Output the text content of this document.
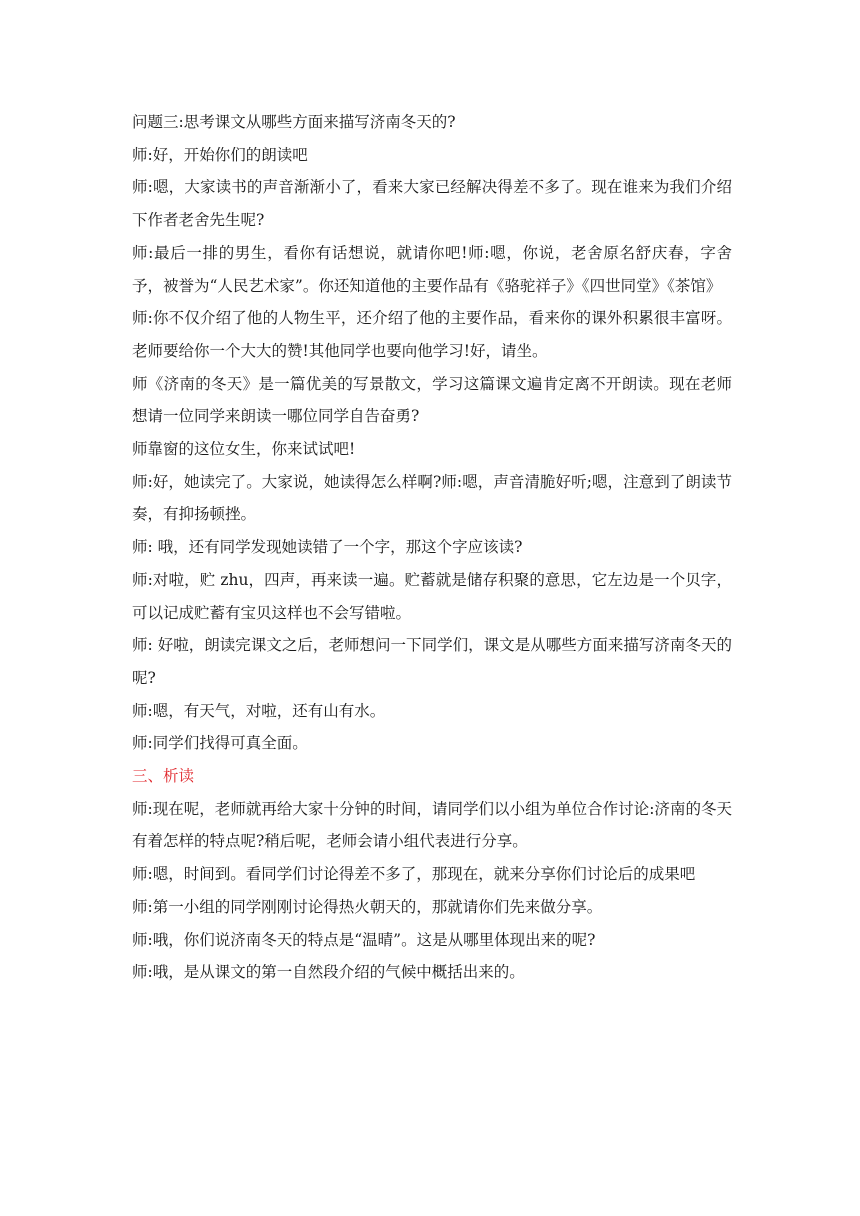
问题三:思考课文从哪些方面来描写济南冬天的?

师:好，开始你们的朗读吧

师:嗯，大家读书的声音渐渐小了，看来大家已经解决得差不多了。现在谁来为我们介绍下作者老舍先生呢?

师:最后一排的男生，看你有话想说，就请你吧!师:嗯，你说，老舍原名舒庆春，字舍予，被誉为“人民艺术家”。你还知道他的主要作品有《骆驼祥子》《四世同堂》《茶馆》

师:你不仅介绍了他的人物生平，还介绍了他的主要作品，看来你的课外积累很丰富呀。老师要给你一个大大的赞!其他同学也要向他学习!好，请坐。

师《济南的冬天》是一篇优美的写景散文，学习这篇课文遍肯定离不开朗读。现在老师想请一位同学来朗读一哪位同学自告奋勇?

师靠窗的这位女生，你来试试吧!

师:好，她读完了。大家说，她读得怎么样啊?师:嗯，声音清脆好听;嗯，注意到了朗读节奏，有抑扬顿挫。

师: 哦，还有同学发现她读错了一个字，那这个字应该读?

师:对啦，贮 zhu，四声，再来读一遍。贮蓄就是储存积聚的意思，它左边是一个贝字，可以记成贮蓄有宝贝这样也不会写错啦。

师: 好啦，朗读完课文之后，老师想问一下同学们，课文是从哪些方面来描写济南冬天的呢?

师:嗯，有天气，对啦，还有山有水。

师:同学们找得可真全面。

三、析读

师:现在呢，老师就再给大家十分钟的时间，请同学们以小组为单位合作讨论:济南的冬天有着怎样的特点呢?稍后呢，老师会请小组代表进行分享。

师:嗯，时间到。看同学们讨论得差不多了，那现在，就来分享你们讨论后的成果吧

师:第一小组的同学刚刚讨论得热火朝天的，那就请你们先来做分享。

师:哦，你们说济南冬天的特点是“温晴”。这是从哪里体现出来的呢?

师:哦，是从课文的第一自然段介绍的气候中概括出来的。
